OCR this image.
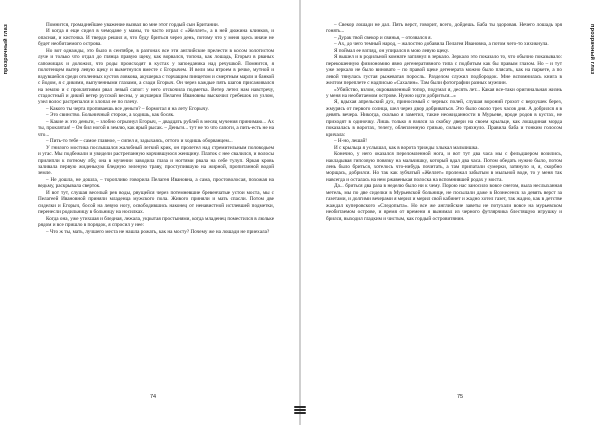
прозрачный глаз	Помнится, громаднейшее уважение вызвал во мне этот гордый сын Британии.

И когда я еще сидел в чемодане у мамы, то часто играл с «Желлет», а в ней дюжина клинков, и опасная, и кисточка. И твердо решил я, что буду бриться через день, потому что у меня здесь иначе не будет необитаемого острова.

Но вот однажды, это было в сентябре, в разгонах все эти английские прелести в косом золотистом луче и только что отдал до глянца правую щеку, как ворвался, топоча, как лошадь, Егорыч в рваных сапожищах и доложил, что роды происходят в кустах у запоеданика над речушкой. Помнится, я полотенцем вытер левую щеку и выметнулся вместе с Егорычем. И вели мы втроем в речке, мутной и вздувшейся среди оголенных кустов ловкова, акушерка с торчащим пинцетом и смертным марли и банкой с йодом, я с дикими, выпученными глазами, а сзади Егорыч. Он через каждые пять шагов присаживался на землю и с проклятиями рвал левый сапог: у него отскочила подметка. Ветер летел нам навстречу, стадостный и дикий ветер русской весны, у акушерки Пелагеи Ивановны выскочил гребешок из узлом, узел волос растрепался и хлопал ее по плечу.

– Какого ты черта пропиваешь все деньги? – бормотал я на лету Егорычу.

– Это свинство. Больничный сторож, а ходишь, как босяк.

– Какие ж это деньги, – злобно огрызнул Егорыч, – двадцать рублей в месяц мучения принимаю... Ах ты, проклятая! – Он бил ногой в землю, как ярый рысак. – Деньги... тут не то что сапоги, а пить-есть не на что...

– Пить-то тебе – самое главное, – сипел я, задыхаясь, оттого и ходишь оборванцем...

У гнилого мостика послышался жалобный легкий крик, он пролетел над стремительным половодьем и угас. Мы подбежали и увидели растрепанную корчившуюся женщину. Платок с нее свалился, и волосы прилипли к потному лбу, она в мучении заводила глаза и ногтями рвала на себе тулуп. Яркая кровь заливала первую жиденькую бледную зеленую траву, проступившую на жирной, пропитанной водой земле.

– Не дошла, не дошла, – торопливо говорила Пелагея Ивановна, а сама, простоволосая, похожая на ведьму, раскрывала сверток.

И вот тут, слушая веселый рев воды, рвущейся через потемневшие бревенчатые устои моста, мы с Пелагеей Ивановной приняли младенца мужского пола. Живого приняли и мать спасли. Потом две сиделки и Егорыч, босой на левую ногу, освободившись наконец от ненавистной истлевшей подметки, перенесли родильницу в больницу на носилках.

Когда она, уже утихшая и бледная, лежала, укрытая простынями, когда младенец поместился в люльке рядом и все пришло в порядок, я спросил у нее:

– Что ж ты, мать, лучшего места не нашла рожать, как на мосту? Почему же на лошади не приехала?

74
прозрачный глаз

– Свекор лошади не дал. Пять верст, говорит, всего, дойдешь. Баба ты здоровая. Нечего лошадь зря гонять...

– Дурак твой свекор и свинья, – отозвался я.

– Ах, до чего темный народ, – жалостно добавила Пелагея Ивановна, а потом чего-то хихикнула.

Я поймал ее взгляд, он упирался в мою левую щеку.

Я вышел и в родильной комнате заглянул в зеркало. Зеркало это показало то, что обычно показывало: перекошенную физиономию явно дегенеративного типа с подбитым как бы правым глазом. Но – и тут уже зеркало не было виновато – по правой щеке дегенерата можно было плясать, как на паркете, а по левой тянулась густая рыжеватая поросль. Разделом служил подбородок. Мне вспомнилась книга в желтом переплете с надписью «Сахалин». Там были фотографии разных мужчин.

«Убийство, взлом, окровавленный топор, подумал я, десять лет... Какая все-таки оригинальная жизнь у меня на необитаемом острове. Нужно идти добриться...»

Я, вдыхая апрельский дух, приносимый с черных полей, слушая вороний грохот с верхушек берез, жмурясь от первого солнца, шел через двор добриваться. Это было около трех часов дня. А добрился я в девять вечера. Никогда, сколько я заметил, такие неожиданности в Мурьеве, вроде родов в кустах, не приходят в одиночку. Лишь только я взялся за скобку двери на своем крыльце, как лошадиная морда показалась в воротах, телегу, облепленную грязью, сильно тряхнуло. Правила баба и тонким голосом кричала:

– Н-но, лешай!

И с крыльца я услышал, как в ворота трижды хлыкал мальчишка.

Конечно, у него оказался переломленной нога, и вот тут два часа мы с фельдшером возились, накладывая гипсовую повязку на мальчишку, который вдал два часа. Потом обедать нужно было, потом лень было бриться, хотелось что-нибудь почитать, а там припатали сумерки, затянуло и, я, скорбно морщась, добрился. Но так как зубчатый «Желлет» пролежал забытым в мыльной воде, то у меня так навсегда и осталась на нем ржавенькая полоска на вспомнившей родах у моста.

Да... бриться два раза в неделю было ни к чему. Порою нас заносило вовсе снегом, выла неслыханная метель, мы по две сиделки в Мурьевской больнице, не посылали даже в Вознесенск за девять верст за газетами, и долгими вечерами я мерил и мерил свой кабинет и жадно хотел газет, так жадно, как в детстве жаждал куперовского «Следопыта». Но все же английские заветы не потухали вовсе на мурьевском необитаемом острове, и время от времени я вынимал из черного футлярчика блестящую игрушку и брился, выходил гладким и чистым, как гордый островитянин.

75
